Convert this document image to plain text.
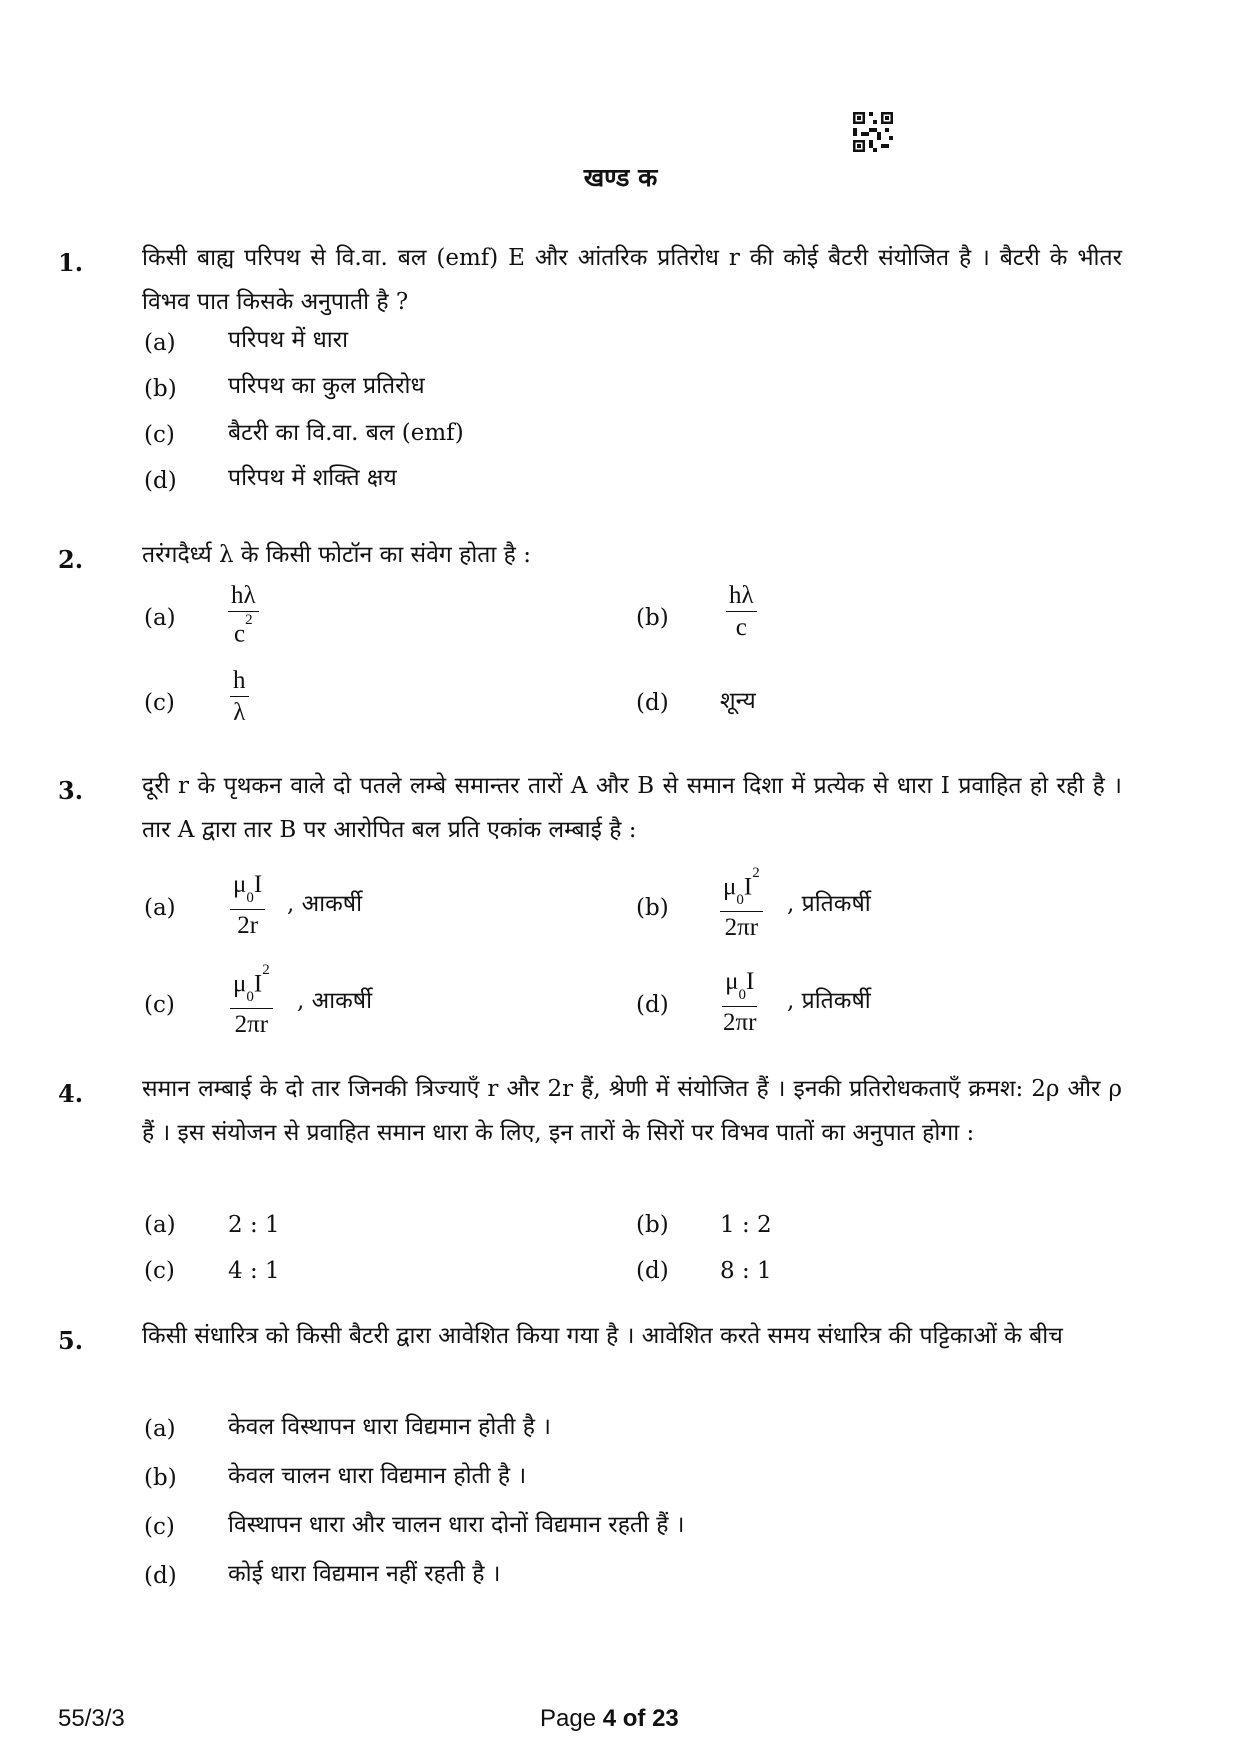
खण्ड क
1.	किसी बाह्य परिपथ से वि.वा. बल (emf) E और आंतरिक प्रतिरोध r की कोई बैटरी संयोजित है । बैटरी के भीतर विभव पात किसके अनुपाती है ?
(a) परिपथ में धारा
(b) परिपथ का कुल प्रतिरोध
(c) बैटरी का वि.वा. बल (emf)
(d) परिपथ में शक्ति क्षय
2.	तरंगदैर्ध्य λ के किसी फोटॉन का संवेग होता है :
$(a) \frac{h\lambda}{c^2}$	$(b) \frac{h\lambda}{c}$
$(c) \frac{h}{\lambda}$	(d) शून्य
3.	दूरी r के पृथकन वाले दो पतले लम्बे समान्तर तारों A और B से समान दिशा में प्रत्येक से धारा I प्रवाहित हो रही है । तार A द्वारा तार B पर आरोपित बल प्रति एकांक लम्बाई है :
$(a) \frac{\mu_0I}{2r}$ , आकर्षी	$(b) \frac{\mu_0I^2}{2\pi r}$ , प्रतिकर्षी
$(c) \frac{\mu_0I^2}{2\pi r}$ , आकर्षी	$(d) \frac{\mu_0I}{2\pi r}$ , प्रतिकर्षी
4.	समान लम्बाई के दो तार जिनकी त्रिज्याएँ r और 2r हैं, श्रेणी में संयोजित हैं । इनकी प्रतिरोधकताएँ क्रमश: 2ρ और ρ हैं । इस संयोजन से प्रवाहित समान धारा के लिए, इन तारों के सिरों पर विभव पातों का अनुपात होगा :
(a) 2 : 1	(b) 1 : 2
(c) 4 : 1	(d) 8 : 1
5.	किसी संधारित्र को किसी बैटरी द्वारा आवेशित किया गया है । आवेशित करते समय संधारित्र की पट्टिकाओं के बीच
(a) केवल विस्थापन धारा विद्यमान होती है ।
(b) केवल चालन धारा विद्यमान होती है ।
(c) विस्थापन धारा और चालन धारा दोनों विद्यमान रहती हैं ।
(d) कोई धारा विद्यमान नहीं रहती है ।
55/3/3	Page 4 of 23
